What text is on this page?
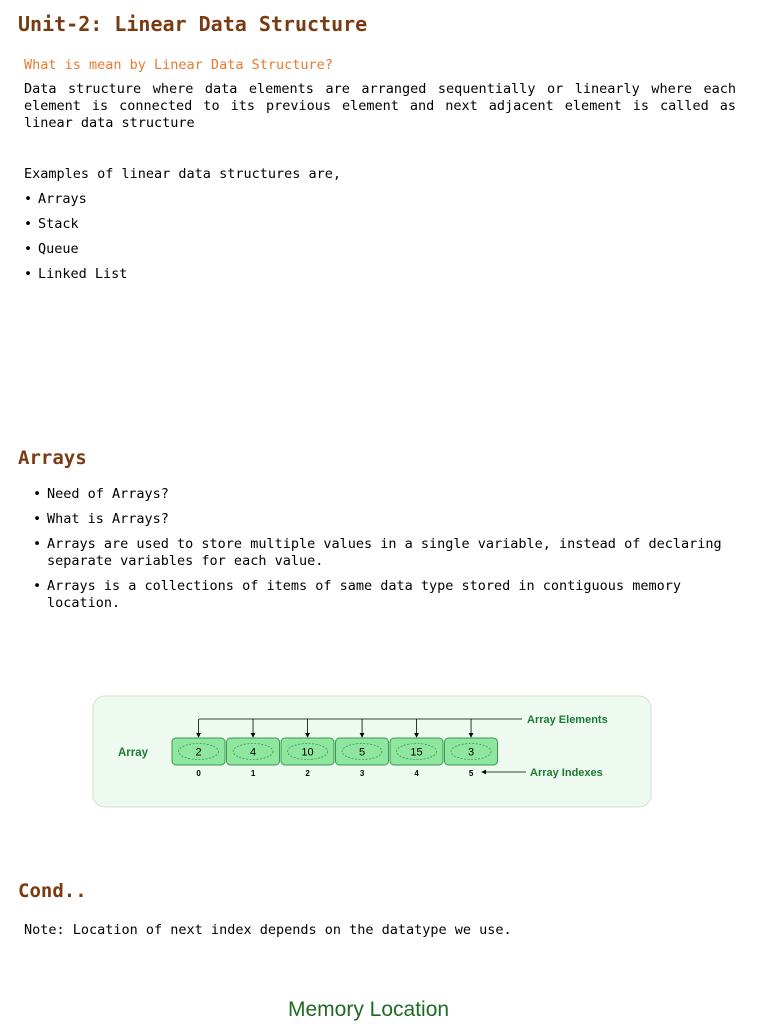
Unit-2: Linear Data Structure
What is mean by Linear Data Structure?
Data structure where data elements are arranged sequentially or linearly where each element is connected to its previous element and next adjacent element is called as linear data structure
Examples of linear data structures are,
• Arrays
• Stack
• Queue
• Linked List
Arrays
• Need of Arrays?
• What is Arrays?
• Arrays are used to store multiple values in a single variable, instead of declaring separate variables for each value.
• Arrays is a collections of items of same data type stored in contiguous memory location.
Array	2
0
4
1
10
2
5
3
15
4
3
5
Array Elements
Array Indexes
Cond..
Note: Location of next index depends on the datatype we use.
Memory Location
